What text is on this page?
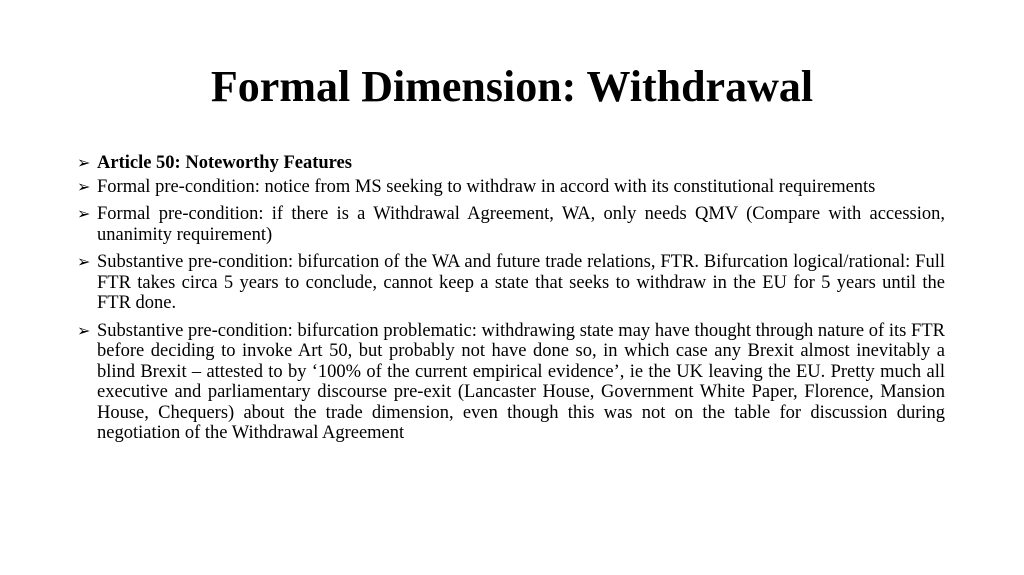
Formal Dimension: Withdrawal
➢ Article 50: Noteworthy Features
➢ Formal pre-condition: notice from MS seeking to withdraw in accord with its constitutional requirements
➢ Formal pre-condition: if there is a Withdrawal Agreement, WA, only needs QMV (Compare with accession, unanimity requirement)
➢ Substantive pre-condition: bifurcation of the WA and future trade relations, FTR. Bifurcation logical/rational: Full FTR takes circa 5 years to conclude, cannot keep a state that seeks to withdraw in the EU for 5 years until the FTR done.
➢ Substantive pre-condition: bifurcation problematic: withdrawing state may have thought through nature of its FTR before deciding to invoke Art 50, but probably not have done so, in which case any Brexit almost inevitably a blind Brexit – attested to by ‘100% of the current empirical evidence’, ie the UK leaving the EU. Pretty much all executive and parliamentary discourse pre-exit (Lancaster House, Government White Paper, Florence, Mansion House, Chequers) about the trade dimension, even though this was not on the table for discussion during negotiation of the Withdrawal Agreement
